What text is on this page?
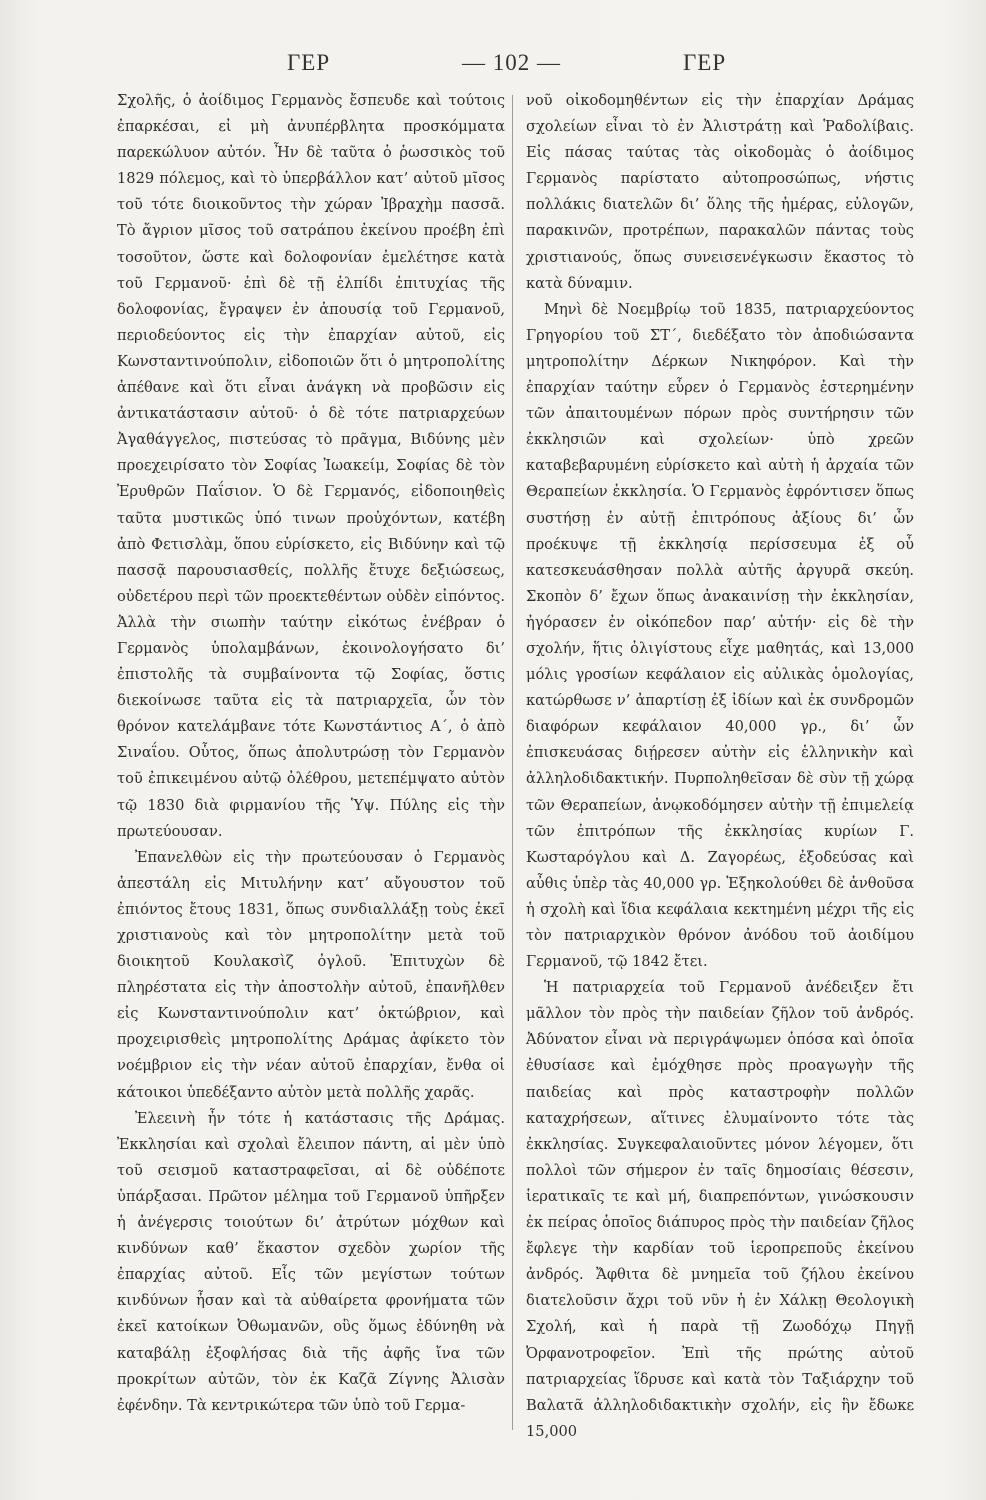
ΓΕΡ	— 102 —	ΓΕΡ

Σχολῆς, ὁ ἀοίδιμος Γερμανὸς ἔσπευδε καὶ τούτοις ἐπαρκέσαι, εἰ μὴ ἀνυπέρβλητα προσκόμματα παρεκώλυον αὐτόν. Ἦν δὲ ταῦτα ὁ ῥωσσικὸς τοῦ 1829 πόλεμος, καὶ τὸ ὑπερβάλλον κατ’ αὐτοῦ μῖσος τοῦ τότε διοικοῦντος τὴν χώραν Ἰβραχὴμ πασσᾶ. Τὸ ἄγριον μῖσος τοῦ σατράπου ἐκείνου προέβη ἐπὶ τοσοῦτον, ὥστε καὶ δολοφονίαν ἐμελέτησε κατὰ τοῦ Γερμανοῦ· ἐπὶ δὲ τῇ ἐλπίδι ἐπιτυχίας τῆς δολοφονίας, ἔγραψεν ἐν ἀπουσίᾳ τοῦ Γερμανοῦ, περιοδεύοντος εἰς τὴν ἐπαρχίαν αὐτοῦ, εἰς Κωνσταντινούπολιν, εἰδοποιῶν ὅτι ὁ μητροπολίτης ἀπέθανε καὶ ὅτι εἶναι ἀνάγκη νὰ προβῶσιν εἰς ἀντικατάστασιν αὐτοῦ· ὁ δὲ τότε πατριαρχεύων Ἀγαθάγγελος, πιστεύσας τὸ πρᾶγμα, Βιδύνης μὲν προεχειρίσατο τὸν Σοφίας Ἰωακείμ, Σοφίας δὲ τὸν Ἐρυθρῶν Παΐσιον. Ὁ δὲ Γερμανός, εἰδοποιηθεὶς ταῦτα μυστικῶς ὑπό τινων προὐχόντων, κατέβη ἀπὸ Φετισλὰμ, ὅπου εὑρίσκετο, εἰς Βιδύνην καὶ τῷ πασσᾷ παρουσιασθείς, πολλῆς ἔτυχε δεξιώσεως, οὐδετέρου περὶ τῶν προεκτεθέντων οὐδὲν εἰπόντος. Ἀλλὰ τὴν σιωπὴν ταύτην εἰκότως ἐνέβραν ὁ Γερμανὸς ὑπολαμβάνων, ἐκοινολογήσατο δι’ ἐπιστολῆς τὰ συμβαίνοντα τῷ Σοφίας, ὅστις διεκοίνωσε ταῦτα εἰς τὰ πατριαρχεῖα, ὧν τὸν θρόνον κατελάμβανε τότε Κωνστάντιος Α΄, ὁ ἀπὸ Σιναΐου. Οὗτος, ὅπως ἀπολυτρώσῃ τὸν Γερμανὸν τοῦ ἐπικειμένου αὐτῷ ὀλέθρου, μετεπέμψατο αὐτὸν τῷ 1830 διὰ φιρμανίου τῆς Ὑψ. Πύλης εἰς τὴν πρωτεύουσαν.

Ἐπανελθὼν εἰς τὴν πρωτεύουσαν ὁ Γερμανὸς ἀπεστάλη εἰς Μιτυλήνην κατ’ αὔγουστον τοῦ ἐπιόντος ἔτους 1831, ὅπως συνδιαλλάξῃ τοὺς ἐκεῖ χριστιανοὺς καὶ τὸν μητροπολίτην μετὰ τοῦ διοικητοῦ Κουλακσὶζ ὀγλοῦ. Ἐπιτυχὼν δὲ πληρέστατα εἰς τὴν ἀποστολὴν αὐτοῦ, ἐπανῆλθεν εἰς Κωνσταντινούπολιν κατ’ ὀκτώβριον, καὶ προχειρισθεὶς μητροπολίτης Δράμας ἀφίκετο τὸν νοέμβριον εἰς τὴν νέαν αὐτοῦ ἐπαρχίαν, ἔνθα οἱ κάτοικοι ὑπεδέξαντο αὐτὸν μετὰ πολλῆς χαρᾶς.

Ἐλεεινὴ ἦν τότε ἡ κατάστασις τῆς Δράμας. Ἐκκλησίαι καὶ σχολαὶ ἔλειπον πάντη, αἱ μὲν ὑπὸ τοῦ σεισμοῦ καταστραφεῖσαι, αἱ δὲ οὐδέποτε ὑπάρξασαι. Πρῶτον μέλημα τοῦ Γερμανοῦ ὑπῆρξεν ἡ ἀνέγερσις τοιούτων δι’ ἀτρύτων μόχθων καὶ κινδύνων καθ’ ἕκαστον σχεδὸν χωρίον τῆς ἐπαρχίας αὐτοῦ. Εἷς τῶν μεγίστων τούτων κινδύνων ἦσαν καὶ τὰ αὐθαίρετα φρονήματα τῶν ἐκεῖ κατοίκων Ὀθωμανῶν, οὓς ὅμως ἐδύνηθη νὰ καταβάλῃ ἐξοφλήσας διὰ τῆς ἀφῆς ἴνα τῶν προκρίτων αὐτῶν, τὸν ἐκ Καζᾶ Ζίγνης Ἀλισὰν ἐφένδην. Τὰ κεντρικώτερα τῶν ὑπὸ τοῦ Γερμα-

νοῦ οἰκοδομηθέντων εἰς τὴν ἐπαρχίαν Δράμας σχολείων εἶναι τὸ ἐν Ἀλιστράτῃ καὶ Ῥαδολίβαις. Εἰς πάσας ταύτας τὰς οἰκοδομὰς ὁ ἀοίδιμος Γερμανὸς παρίστατο αὐτοπροσώπως, νήστις πολλάκις διατελῶν δι’ ὅλης τῆς ἡμέρας, εὐλογῶν, παρακινῶν, προτρέπων, παρακαλῶν πάντας τοὺς χριστιανούς, ὅπως συνεισενέγκωσιν ἕκαστος τὸ κατὰ δύναμιν.

Μηνὶ δὲ Νοεμβρίῳ τοῦ 1835, πατριαρχεύοντος Γρηγορίου τοῦ ΣΤ΄, διεδέξατο τὸν ἀποδιώσαντα μητροπολίτην Δέρκων Νικηφόρον. Καὶ τὴν ἐπαρχίαν ταύτην εὗρεν ὁ Γερμανὸς ἐστερημένην τῶν ἀπαιτουμένων πόρων πρὸς συντήρησιν τῶν ἐκκλησιῶν καὶ σχολείων· ὑπὸ χρεῶν καταβεβαρυμένη εὑρίσκετο καὶ αὐτὴ ἡ ἀρχαία τῶν Θεραπείων ἐκκλησία. Ὁ Γερμανὸς ἐφρόντισεν ὅπως συστήσῃ ἐν αὐτῇ ἐπιτρόπους ἀξίους δι’ ὧν προέκυψε τῇ ἐκκλησίᾳ περίσσευμα ἐξ οὗ κατεσκευάσθησαν πολλὰ αὐτῆς ἀργυρᾶ σκεύη. Σκοπὸν δ’ ἔχων ὅπως ἀνακαινίσῃ τὴν ἐκκλησίαν, ἠγόρασεν ἐν οἰκόπεδον παρ’ αὐτήν· εἰς δὲ τὴν σχολήν, ἥτις ὀλιγίστους εἶχε μαθητάς, καὶ 13,000 μόλις γροσίων κεφάλαιον εἰς αὐλικὰς ὁμολογίας, κατώρθωσε ν’ ἀπαρτίσῃ ἐξ ἰδίων καὶ ἐκ συνδρομῶν διαφόρων κεφάλαιον 40,000 γρ., δι’ ὧν ἐπισκευάσας διῄρεσεν αὐτὴν εἰς ἑλληνικὴν καὶ ἀλληλοδιδακτικήν. Πυρποληθεῖσαν δὲ σὺν τῇ χώρᾳ τῶν Θεραπείων, ἀνῳκοδόμησεν αὐτὴν τῇ ἐπιμελείᾳ τῶν ἐπιτρόπων τῆς ἐκκλησίας κυρίων Γ. Κωσταρόγλου καὶ Δ. Ζαγορέως, ἐξοδεύσας καὶ αὖθις ὑπὲρ τὰς 40,000 γρ. Ἐξηκολούθει δὲ ἀνθοῦσα ἡ σχολὴ καὶ ἴδια κεφάλαια κεκτημένη μέχρι τῆς εἰς τὸν πατριαρχικὸν θρόνον ἀνόδου τοῦ ἀοιδίμου Γερμανοῦ, τῷ 1842 ἔτει.

Ἡ πατριαρχεία τοῦ Γερμανοῦ ἀνέδειξεν ἔτι μᾶλλον τὸν πρὸς τὴν παιδείαν ζῆλον τοῦ ἀνδρός. Ἀδύνατον εἶναι νὰ περιγράψωμεν ὁπόσα καὶ ὁποῖα ἐθυσίασε καὶ ἐμόχθησε πρὸς προαγωγὴν τῆς παιδείας καὶ πρὸς καταστροφὴν πολλῶν καταχρήσεων, αἵτινες ἐλυμαίνοντο τότε τὰς ἐκκλησίας. Συγκεφαλαιοῦντες μόνον λέγομεν, ὅτι πολλοὶ τῶν σήμερον ἐν ταῖς δημοσίαις θέσεσιν, ἱερατικαῖς τε καὶ μή, διαπρεπόντων, γινώσκουσιν ἐκ πείρας ὁποῖος διάπυρος πρὸς τὴν παιδείαν ζῆλος ἔφλεγε τὴν καρδίαν τοῦ ἱεροπρεποῦς ἐκείνου ἀνδρός. Ἄφθιτα δὲ μνημεῖα τοῦ ζήλου ἐκείνου διατελοῦσιν ἄχρι τοῦ νῦν ἡ ἐν Χάλκῃ Θεολογικὴ Σχολή, καὶ ἡ παρὰ τῇ Ζωοδόχῳ Πηγῇ Ὀρφανοτροφεῖον. Ἐπὶ τῆς πρώτης αὐτοῦ πατριαρχείας ἵδρυσε καὶ κατὰ τὸν Ταξιάρχην τοῦ Βαλατᾶ ἀλληλοδιδακτικὴν σχολήν, εἰς ἣν ἔδωκε 15,000
